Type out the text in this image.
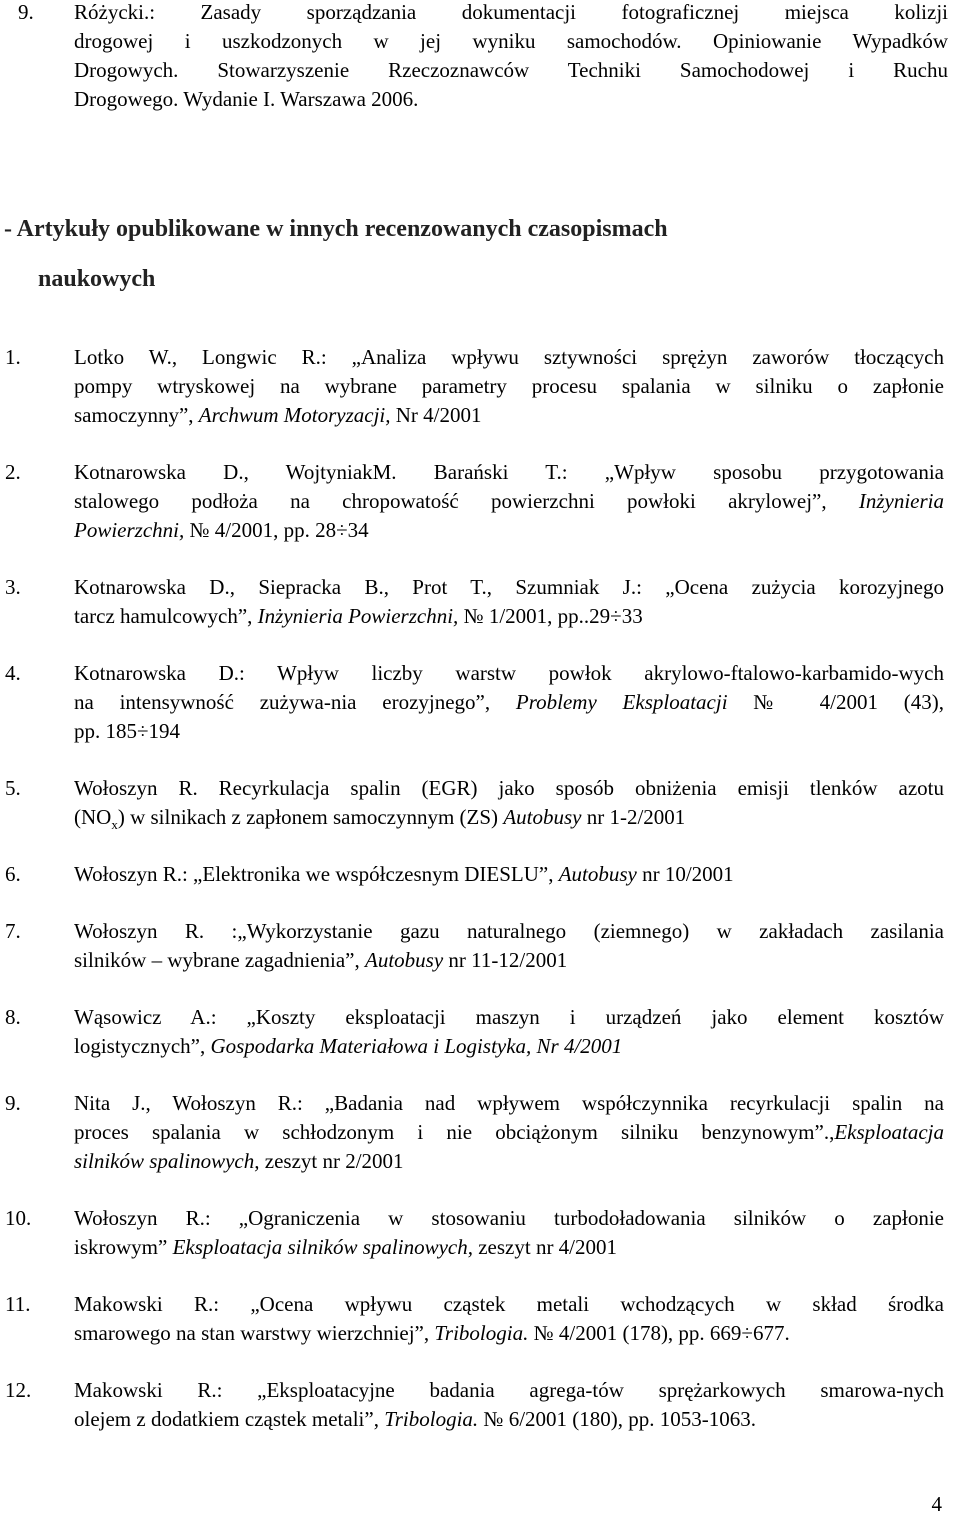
9. Różycki.: Zasady sporządzania dokumentacji fotograficznej miejsca kolizji
drogowej i uszkodzonych w jej wyniku samochodów. Opiniowanie Wypadków
Drogowych. Stowarzyszenie Rzeczoznawców Techniki Samochodowej i Ruchu
Drogowego. Wydanie I. Warszawa 2006.
- Artykuły opublikowane w innych recenzowanych czasopismach
naukowych
1.	Lotko W., Longwic R.: „Analiza wpływu sztywności sprężyn zaworów tłoczących
pompy wtryskowej na wybrane parametry procesu spalania w silniku o zapłonie
samoczynny”, Archwum Motoryzacji, Nr 4/2001
2.	Kotnarowska D., WojtyniakM. Barański T.: „Wpływ sposobu przygotowania
stalowego podłoża na chropowatość powierzchni powłoki akrylowej”, Inżynieria
Powierzchni, № 4/2001, pp. 28÷34
3.	Kotnarowska D., Siepracka B., Prot T., Szumniak J.: „Ocena zużycia korozyjnego
tarcz hamulcowych”, Inżynieria Powierzchni, № 1/2001, pp..29÷33
4.	Kotnarowska D.: Wpływ liczby warstw powłok akrylowo-ftalowo-karbamido-wych
na intensywność zużywa-nia erozyjnego”, Problemy Eksploatacji № 4/2001 (43),
pp. 185÷194
5.	Wołoszyn R. Recyrkulacja spalin (EGR) jako sposób obniżenia emisji tlenków azotu
$(NO_x)$ w silnikach z zapłonem samoczynnym (ZS) Autobusy nr 1-2/2001
6.	Wołoszyn R.: „Elektronika we współczesnym DIESLU”, Autobusy nr 10/2001
7.	Wołoszyn R. :„Wykorzystanie gazu naturalnego (ziemnego) w zakładach zasilania
silników – wybrane zagadnienia”, Autobusy nr 11-12/2001
8.	Wąsowicz A.: „Koszty eksploatacji maszyn i urządzeń jako element kosztów
logistycznych”, Gospodarka Materiałowa i Logistyka, Nr 4/2001
9.	Nita J., Wołoszyn R.: „Badania nad wpływem współczynnika recyrkulacji spalin na
proces spalania w schłodzonym i nie obciążonym silniku benzynowym”.,Eksploatacja
silników spalinowych, zeszyt nr 2/2001
10. Wołoszyn R.: „Ograniczenia w stosowaniu turbodoładowania silników o zapłonie
iskrowym” Eksploatacja silników spalinowych, zeszyt nr 4/2001
11. Makowski R.: „Ocena wpływu cząstek metali wchodzących w skład środka
smarowego na stan warstwy wierzchniej”, Tribologia. № 4/2001 (178), pp. 669÷677.
12. Makowski R.: „Eksploatacyjne badania agrega-tów sprężarkowych smarowa-nych
olejem z dodatkiem cząstek metali”, Tribologia. № 6/2001 (180), pp. 1053-1063.
4
